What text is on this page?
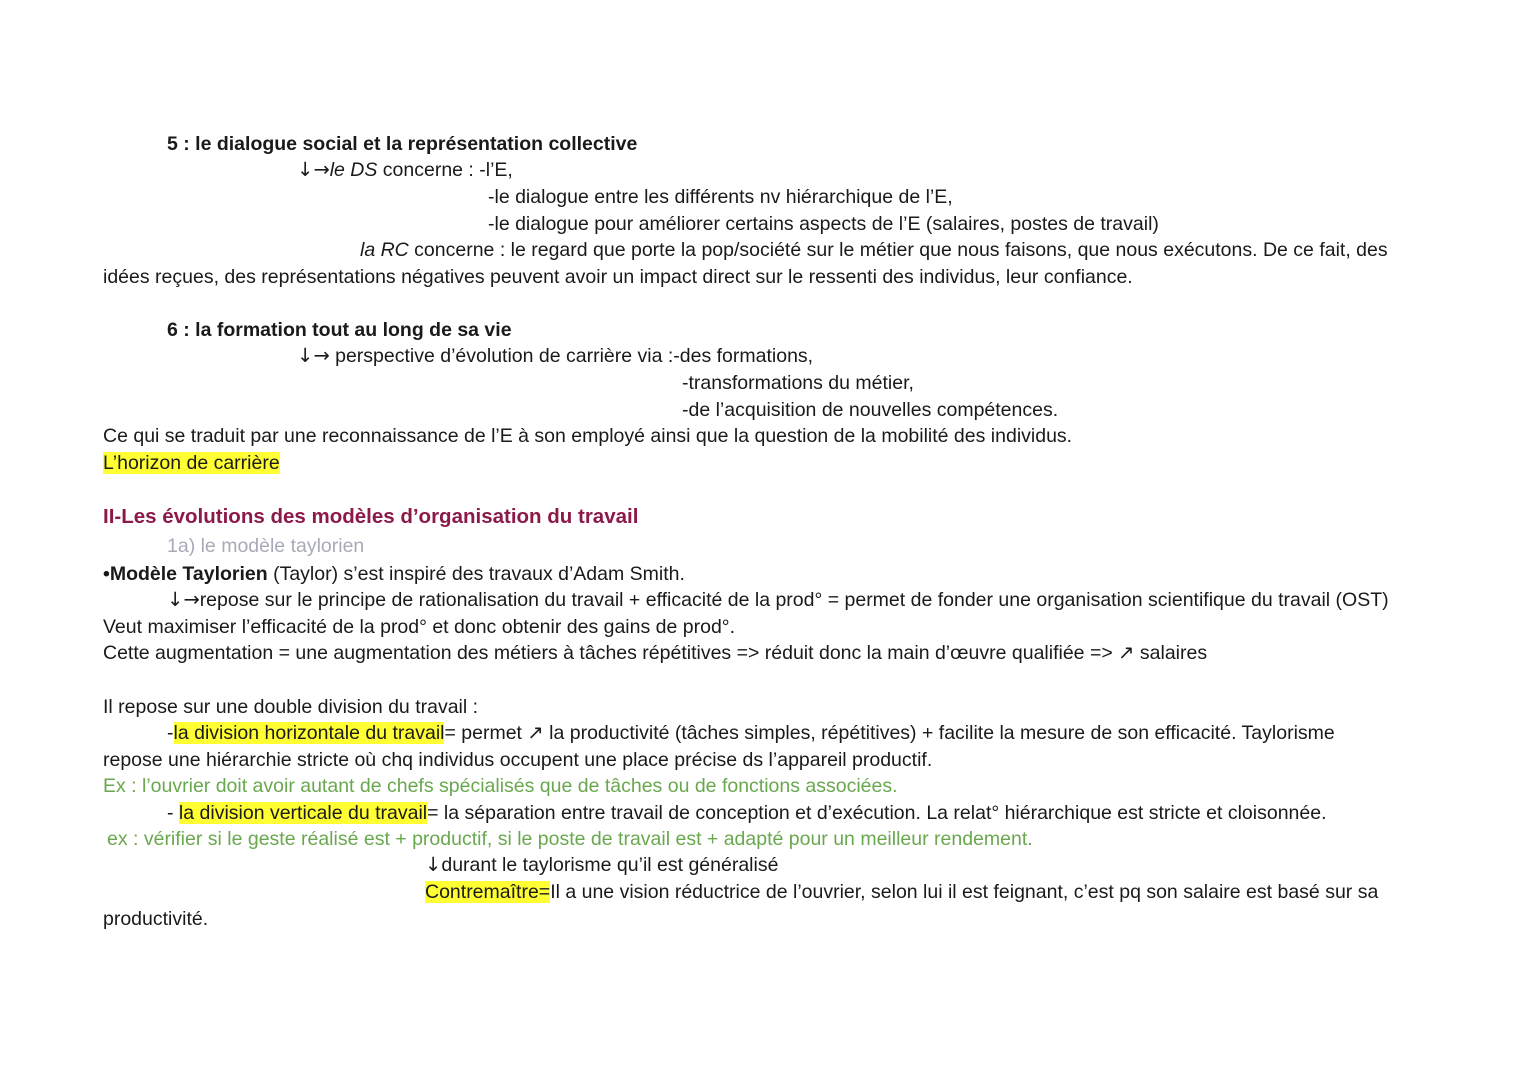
5 : le dialogue social et la représentation collective
↓→le DS concerne : -l’E,
-le dialogue entre les différents nv hiérarchique de l’E,
-le dialogue pour améliorer certains aspects de l’E (salaires, postes de travail)
la RC concerne : le regard que porte la pop/société sur le métier que nous faisons, que nous exécutons. De ce fait, des
idées reçues, des représentations négatives peuvent avoir un impact direct sur le ressenti des individus, leur confiance.
6 : la formation tout au long de sa vie
↓→ perspective d’évolution de carrière via :-des formations,
-transformations du métier,
-de l’acquisition de nouvelles compétences.
Ce qui se traduit par une reconnaissance de l’E à son employé ainsi que la question de la mobilité des individus.
L’horizon de carrière
II-Les évolutions des modèles d’organisation du travail
1a) le modèle taylorien
•Modèle Taylorien (Taylor) s’est inspiré des travaux d’Adam Smith.
↓→repose sur le principe de rationalisation du travail + efficacité de la prod° = permet de fonder une organisation scientifique du travail (OST)
Veut maximiser l’efficacité de la prod° et donc obtenir des gains de prod°.
Cette augmentation = une augmentation des métiers à tâches répétitives => réduit donc la main d’œuvre qualifiée => ↗ salaires
Il repose sur une double division du travail :
-la division horizontale du travail= permet ↗ la productivité (tâches simples, répétitives) + facilite la mesure de son efficacité. Taylorisme
repose une hiérarchie stricte où chq individus occupent une place précise ds l’appareil productif.
Ex : l’ouvrier doit avoir autant de chefs spécialisés que de tâches ou de fonctions associées.
- la division verticale du travail= la séparation entre travail de conception et d’exécution. La relat° hiérarchique est stricte et cloisonnée.
ex : vérifier si le geste réalisé est + productif, si le poste de travail est + adapté pour un meilleur rendement.
↓durant le taylorisme qu’il est généralisé
Contremaître=Il a une vision réductrice de l’ouvrier, selon lui il est feignant, c’est pq son salaire est basé sur sa
productivité.
